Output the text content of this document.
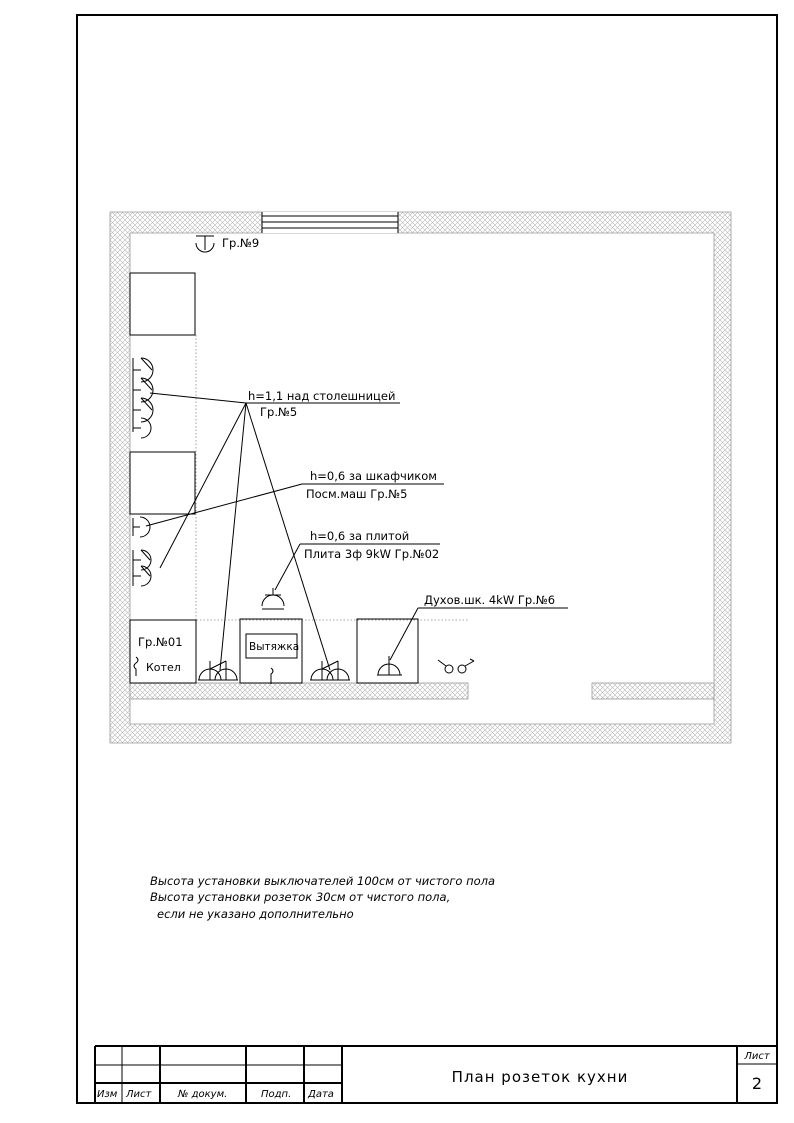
Гр.№9
h=1,1 над столешницей
Гр.№5
h=0,6 за шкафчиком
Посм.маш Гр.№5
h=0,6 за плитой
Плита 3ф 9kW Гр.№02
Духов.шк. 4kW Гр.№6
Гр.№01
Котел
Вытяжка
Высота установки выключателей 100см от чистого пола
Высота установки розеток 30см от чистого пола,
если не указано дополнительно
Изм Лист	№ докум.	Подп. Дата
План розеток кухни
Лист
2
